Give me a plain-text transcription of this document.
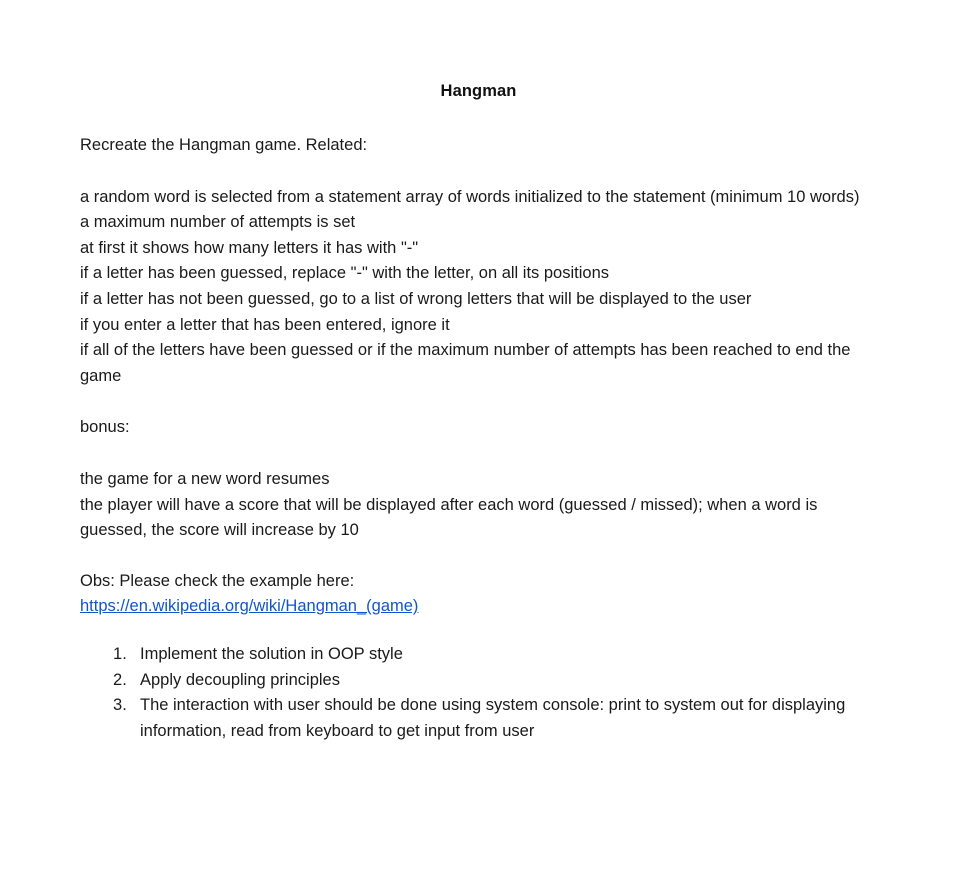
Hangman

Recreate the Hangman game. Related:

a random word is selected from a statement array of words initialized to the statement (minimum 10 words)
a maximum number of attempts is set
at first it shows how many letters it has with "-"
if a letter has been guessed, replace "-" with the letter, on all its positions
if a letter has not been guessed, go to a list of wrong letters that will be displayed to the user
if you enter a letter that has been entered, ignore it
if all of the letters have been guessed or if the maximum number of attempts has been reached to end the game

bonus:

the game for a new word resumes
the player will have a score that will be displayed after each word (guessed / missed); when a word is guessed, the score will increase by 10

Obs: Please check the example here:

https://en.wikipedia.org/wiki/Hangman_(game)
Implement the solution in OOP style
Apply decoupling principles
The interaction with user should be done using system console: print to system out for displaying information, read from keyboard to get input from user
